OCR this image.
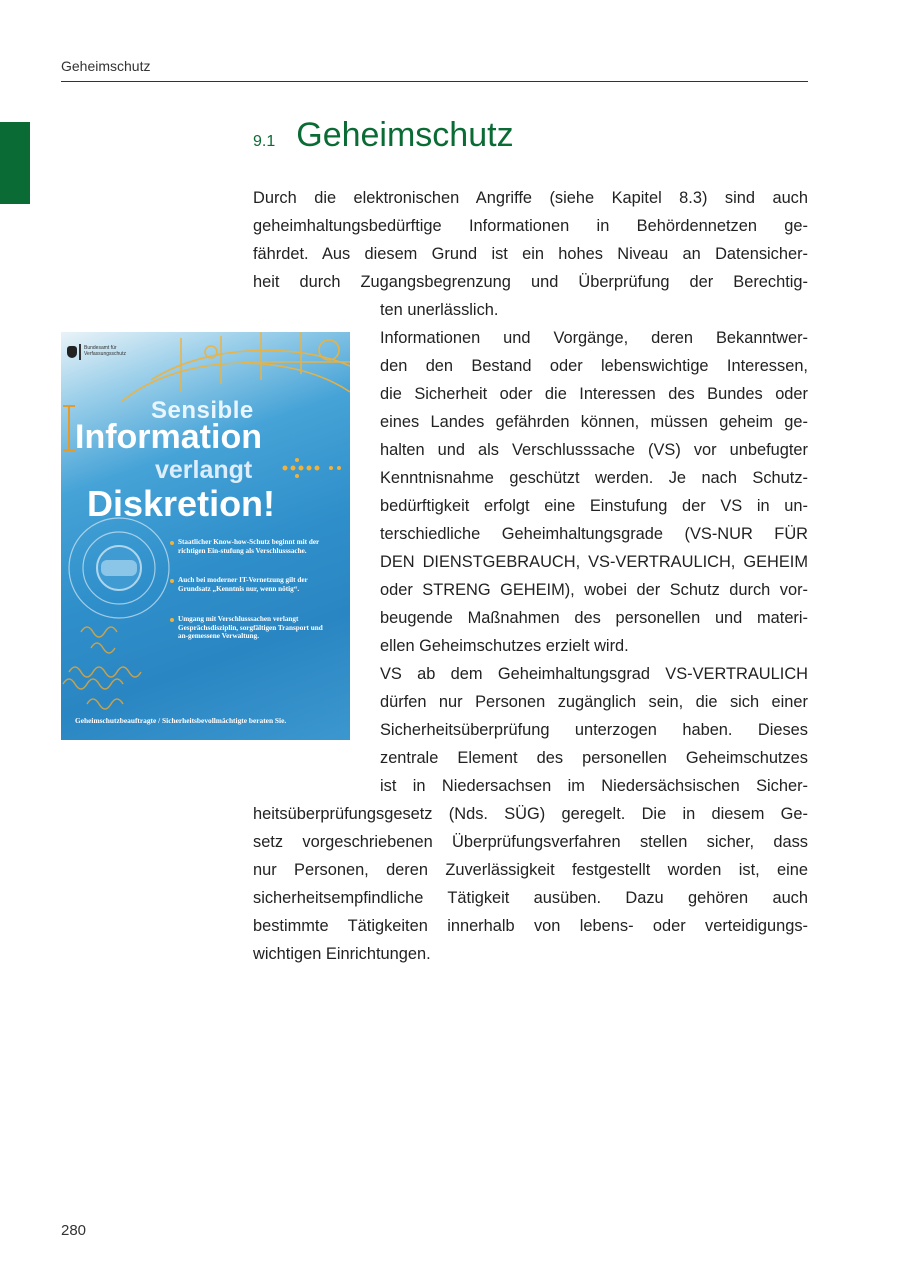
Geheimschutz
9.1 Geheimschutz
Durch die elektronischen Angriffe (siehe Kapitel 8.3) sind auch
geheimhaltungsbedürftige Informationen in Behördennetzen ge-
fährdet. Aus diesem Grund ist ein hohes Niveau an Datensicher-
heit durch Zugangsbegrenzung und Überprüfung der Berechtig-
ten unerlässlich.
Informationen und Vorgänge, deren Bekanntwer-
den den Bestand oder lebenswichtige Interessen,
die Sicherheit oder die Interessen des Bundes oder
eines Landes gefährden können, müssen geheim ge-
halten und als Verschlusssache (VS) vor unbefugter
Kenntnisnahme geschützt werden. Je nach Schutz-
bedürftigkeit erfolgt eine Einstufung der VS in un-
terschiedliche Geheimhaltungsgrade (VS-NUR FÜR
DEN DIENSTGEBRAUCH, VS-VERTRAULICH, GEHEIM
oder STRENG GEHEIM), wobei der Schutz durch vor-
beugende Maßnahmen des personellen und materi-
ellen Geheimschutzes erzielt wird.
VS ab dem Geheimhaltungsgrad VS-VERTRAULICH
dürfen nur Personen zugänglich sein, die sich einer
Sicherheitsüberprüfung unterzogen haben. Dieses
zentrale Element des personellen Geheimschutzes
ist in Niedersachsen im Niedersächsischen Sicher-
heitsüberprüfungsgesetz (Nds. SÜG) geregelt. Die in diesem Ge-
setz vorgeschriebenen Überprüfungsverfahren stellen sicher, dass
nur Personen, deren Zuverlässigkeit festgestellt worden ist, eine
sicherheitsempfindliche Tätigkeit ausüben. Dazu gehören auch
bestimmte Tätigkeiten innerhalb von lebens- oder verteidigungs-
wichtigen Einrichtungen.
Bundesamt für
Verfassungsschutz
Sensible
Information
verlangt
Diskretion!
Staatlicher Know-how-Schutz beginnt mit der richtigen Ein-stufung als Verschlusssache.
Auch bei moderner IT-Vernetzung gilt der Grundsatz „Kenntnis nur, wenn nötig“.
Umgang mit Verschlusssachen verlangt Gesprächsdisziplin, sorgfältigen Transport und an-gemessene Verwaltung.
Geheimschutzbeauftragte / Sicherheitsbevollmächtigte beraten Sie.
280
